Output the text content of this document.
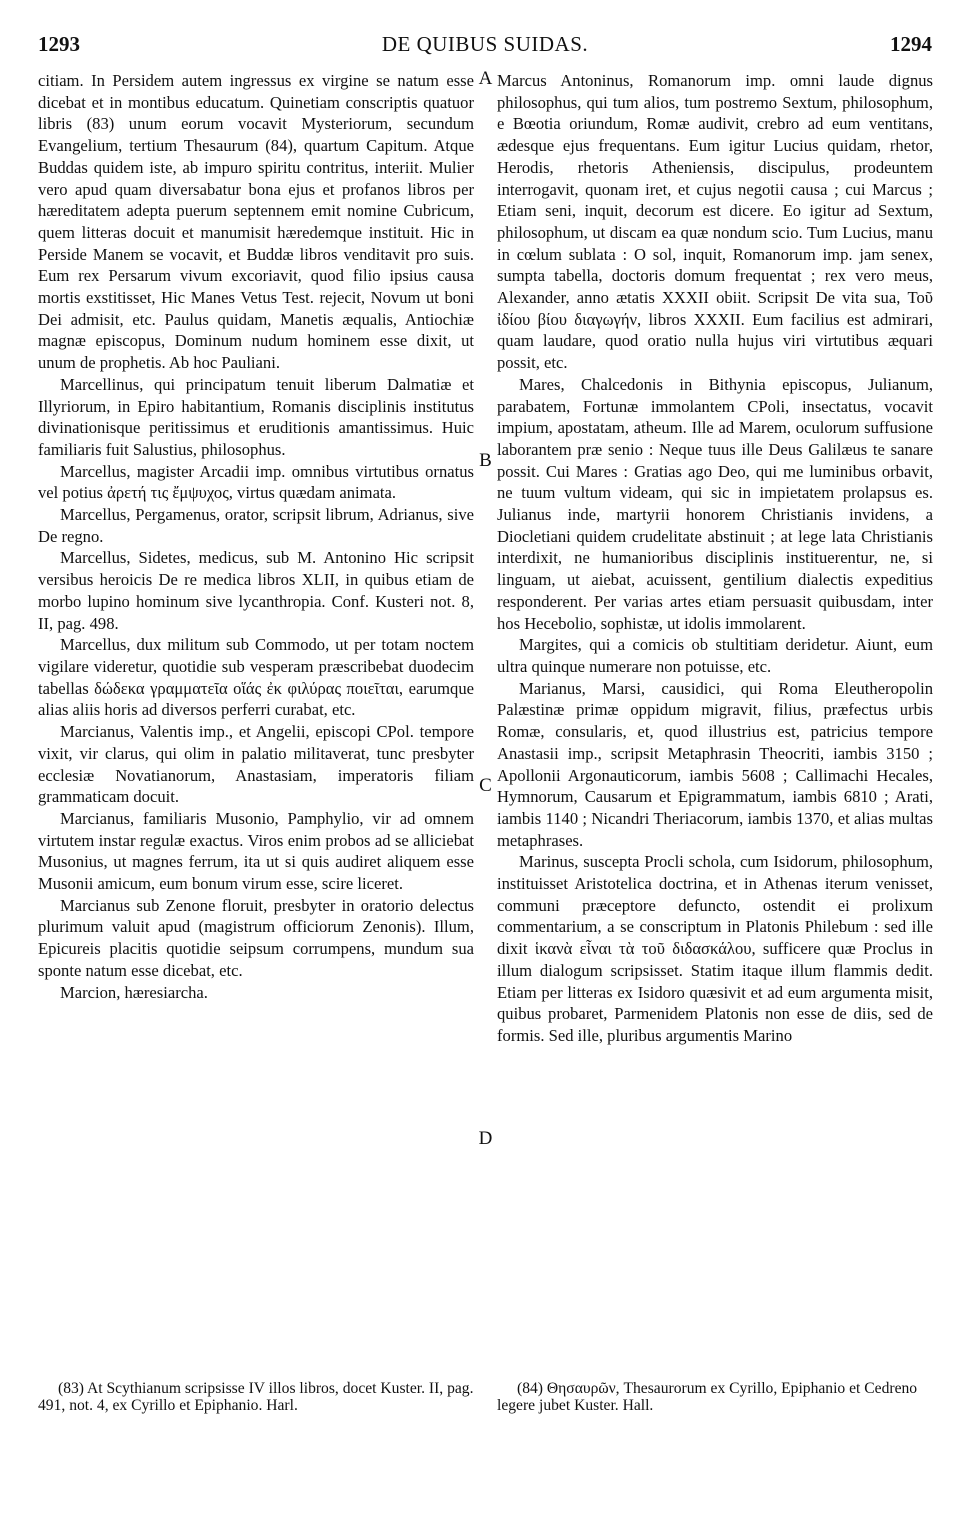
1293	DE QUIBUS SUIDAS.	1294

citiam. In Persidem autem ingressus ex virgine se natum esse dicebat et in montibus educatum. Quinetiam conscriptis quatuor libris (83) unum eorum vocavit Mysteriorum, secundum Evangelium, tertium Thesaurum (84), quartum Capitum. Atque Buddas quidem iste, ab impuro spiritu contritus, interiit. Mulier vero apud quam diversabatur bona ejus et profanos libros per hæreditatem adepta puerum septennem emit nomine Cubricum, quem litteras docuit et manumisit hæredemque instituit. Hic in Perside Manem se vocavit, et Buddæ libros venditavit pro suis. Eum rex Persarum vivum excoriavit, quod filio ipsius causa mortis exstitisset, Hic Manes Vetus Test. rejecit, Novum ut boni Dei admisit, etc. Paulus quidam, Manetis æqualis, Antiochiæ magnæ episcopus, Dominum nudum hominem esse dixit, ut unum de prophetis. Ab hoc Pauliani.

Marcellinus, qui principatum tenuit liberum Dalmatiæ et Illyriorum, in Epiro habitantium, Romanis disciplinis institutus divinationisque peritissimus et eruditionis amantissimus. Huic familiaris fuit Salustius, philosophus.

Marcellus, magister Arcadii imp. omnibus virtutibus ornatus vel potius ἀρετή τις ἔμψυχος, virtus quædam animata.

Marcellus, Pergamenus, orator, scripsit librum, Adrianus, sive De regno.

Marcellus, Sidetes, medicus, sub M. Antonino Hic scripsit versibus heroicis De re medica libros XLII, in quibus etiam de morbo lupino hominum sive lycanthropia. Conf. Kusteri not. 8, II, pag. 498.

Marcellus, dux militum sub Commodo, ut per totam noctem vigilare videretur, quotidie sub vesperam præscribebat duodecim tabellas δώδεκα γραμματεῖα οἵάς ἐκ φιλύρας ποιεῖται, earumque alias aliis horis ad diversos perferri curabat, etc.

Marcianus, Valentis imp., et Angelii, episcopi CPol. tempore vixit, vir clarus, qui olim in palatio militaverat, tunc presbyter ecclesiæ Novatianorum, Anastasiam, imperatoris filiam grammaticam docuit.

Marcianus, familiaris Musonio, Pamphylio, vir ad omnem virtutem instar regulæ exactus. Viros enim probos ad se alliciebat Musonius, ut magnes ferrum, ita ut si quis audiret aliquem esse Musonii amicum, eum bonum virum esse, scire liceret.

Marcianus sub Zenone floruit, presbyter in oratorio delectus plurimum valuit apud (magistrum officiorum Zenonis). Illum, Epicureis placitis quotidie seipsum corrumpens, mundum sua sponte natum esse dicebat, etc.

Marcion, hæresiarcha.

A
B
C
D

Marcus Antoninus, Romanorum imp. omni laude dignus philosophus, qui tum alios, tum postremo Sextum, philosophum, e Bœotia oriundum, Romæ audivit, crebro ad eum ventitans, ædesque ejus frequentans. Eum igitur Lucius quidam, rhetor, Herodis, rhetoris Atheniensis, discipulus, prodeuntem interrogavit, quonam iret, et cujus negotii causa ; cui Marcus ; Etiam seni, inquit, decorum est dicere. Eo igitur ad Sextum, philosophum, ut discam ea quæ nondum scio. Tum Lucius, manu in cœlum sublata : O sol, inquit, Romanorum imp. jam senex, sumpta tabella, doctoris domum frequentat ; rex vero meus, Alexander, anno ætatis XXXII obiit. Scripsit De vita sua, Τοῦ ἰδίου βίου διαγωγήν, libros XXXII. Eum facilius est admirari, quam laudare, quod oratio nulla hujus viri virtutibus æquari possit, etc.

Mares, Chalcedonis in Bithynia episcopus, Julianum, parabatem, Fortunæ immolantem CPoli, insectatus, vocavit impium, apostatam, atheum. Ille ad Marem, oculorum suffusione laborantem præ senio : Neque tuus ille Deus Galilæus te sanare possit. Cui Mares : Gratias ago Deo, qui me luminibus orbavit, ne tuum vultum videam, qui sic in impietatem prolapsus es. Julianus inde, martyrii honorem Christianis invidens, a Diocletiani quidem crudelitate abstinuit ; at lege lata Christianis interdixit, ne humanioribus disciplinis instituerentur, ne, si linguam, ut aiebat, acuissent, gentilium dialectis expeditius responderent. Per varias artes etiam persuasit quibusdam, inter hos Hecebolio, sophistæ, ut idolis immolarent.

Margites, qui a comicis ob stultitiam deridetur. Aiunt, eum ultra quinque numerare non potuisse, etc.

Marianus, Marsi, causidici, qui Roma Eleutheropolin Palæstinæ primæ oppidum migravit, filius, præfectus urbis Romæ, consularis, et, quod illustrius est, patricius tempore Anastasii imp., scripsit Metaphrasin Theocriti, iambis 3150 ; Apollonii Argonauticorum, iambis 5608 ; Callimachi Hecales, Hymnorum, Causarum et Epigrammatum, iambis 6810 ; Arati, iambis 1140 ; Nicandri Theriacorum, iambis 1370, et alias multas metaphrases.

Marinus, suscepta Procli schola, cum Isidorum, philosophum, instituisset Aristotelica doctrina, et in Athenas iterum venisset, communi præceptore defuncto, ostendit ei prolixum commentarium, a se conscriptum in Platonis Philebum : sed ille dixit ἱκανὰ εἶναι τὰ τοῦ διδασκάλου, sufficere quæ Proclus in illum dialogum scripsisset. Statim itaque illum flammis dedit. Etiam per litteras ex Isidoro quæsivit et ad eum argumenta misit, quibus probaret, Parmenidem Platonis non esse de diis, sed de formis. Sed ille, pluribus argumentis Marino

(83) At Scythianum scripsisse IV illos libros, docet Kuster. II, pag. 491, not. 4, ex Cyrillo et Epiphanio. Harl.

(84) Θησαυρῶν, Thesaurorum ex Cyrillo, Epiphanio et Cedreno legere jubet Kuster. Hall.
